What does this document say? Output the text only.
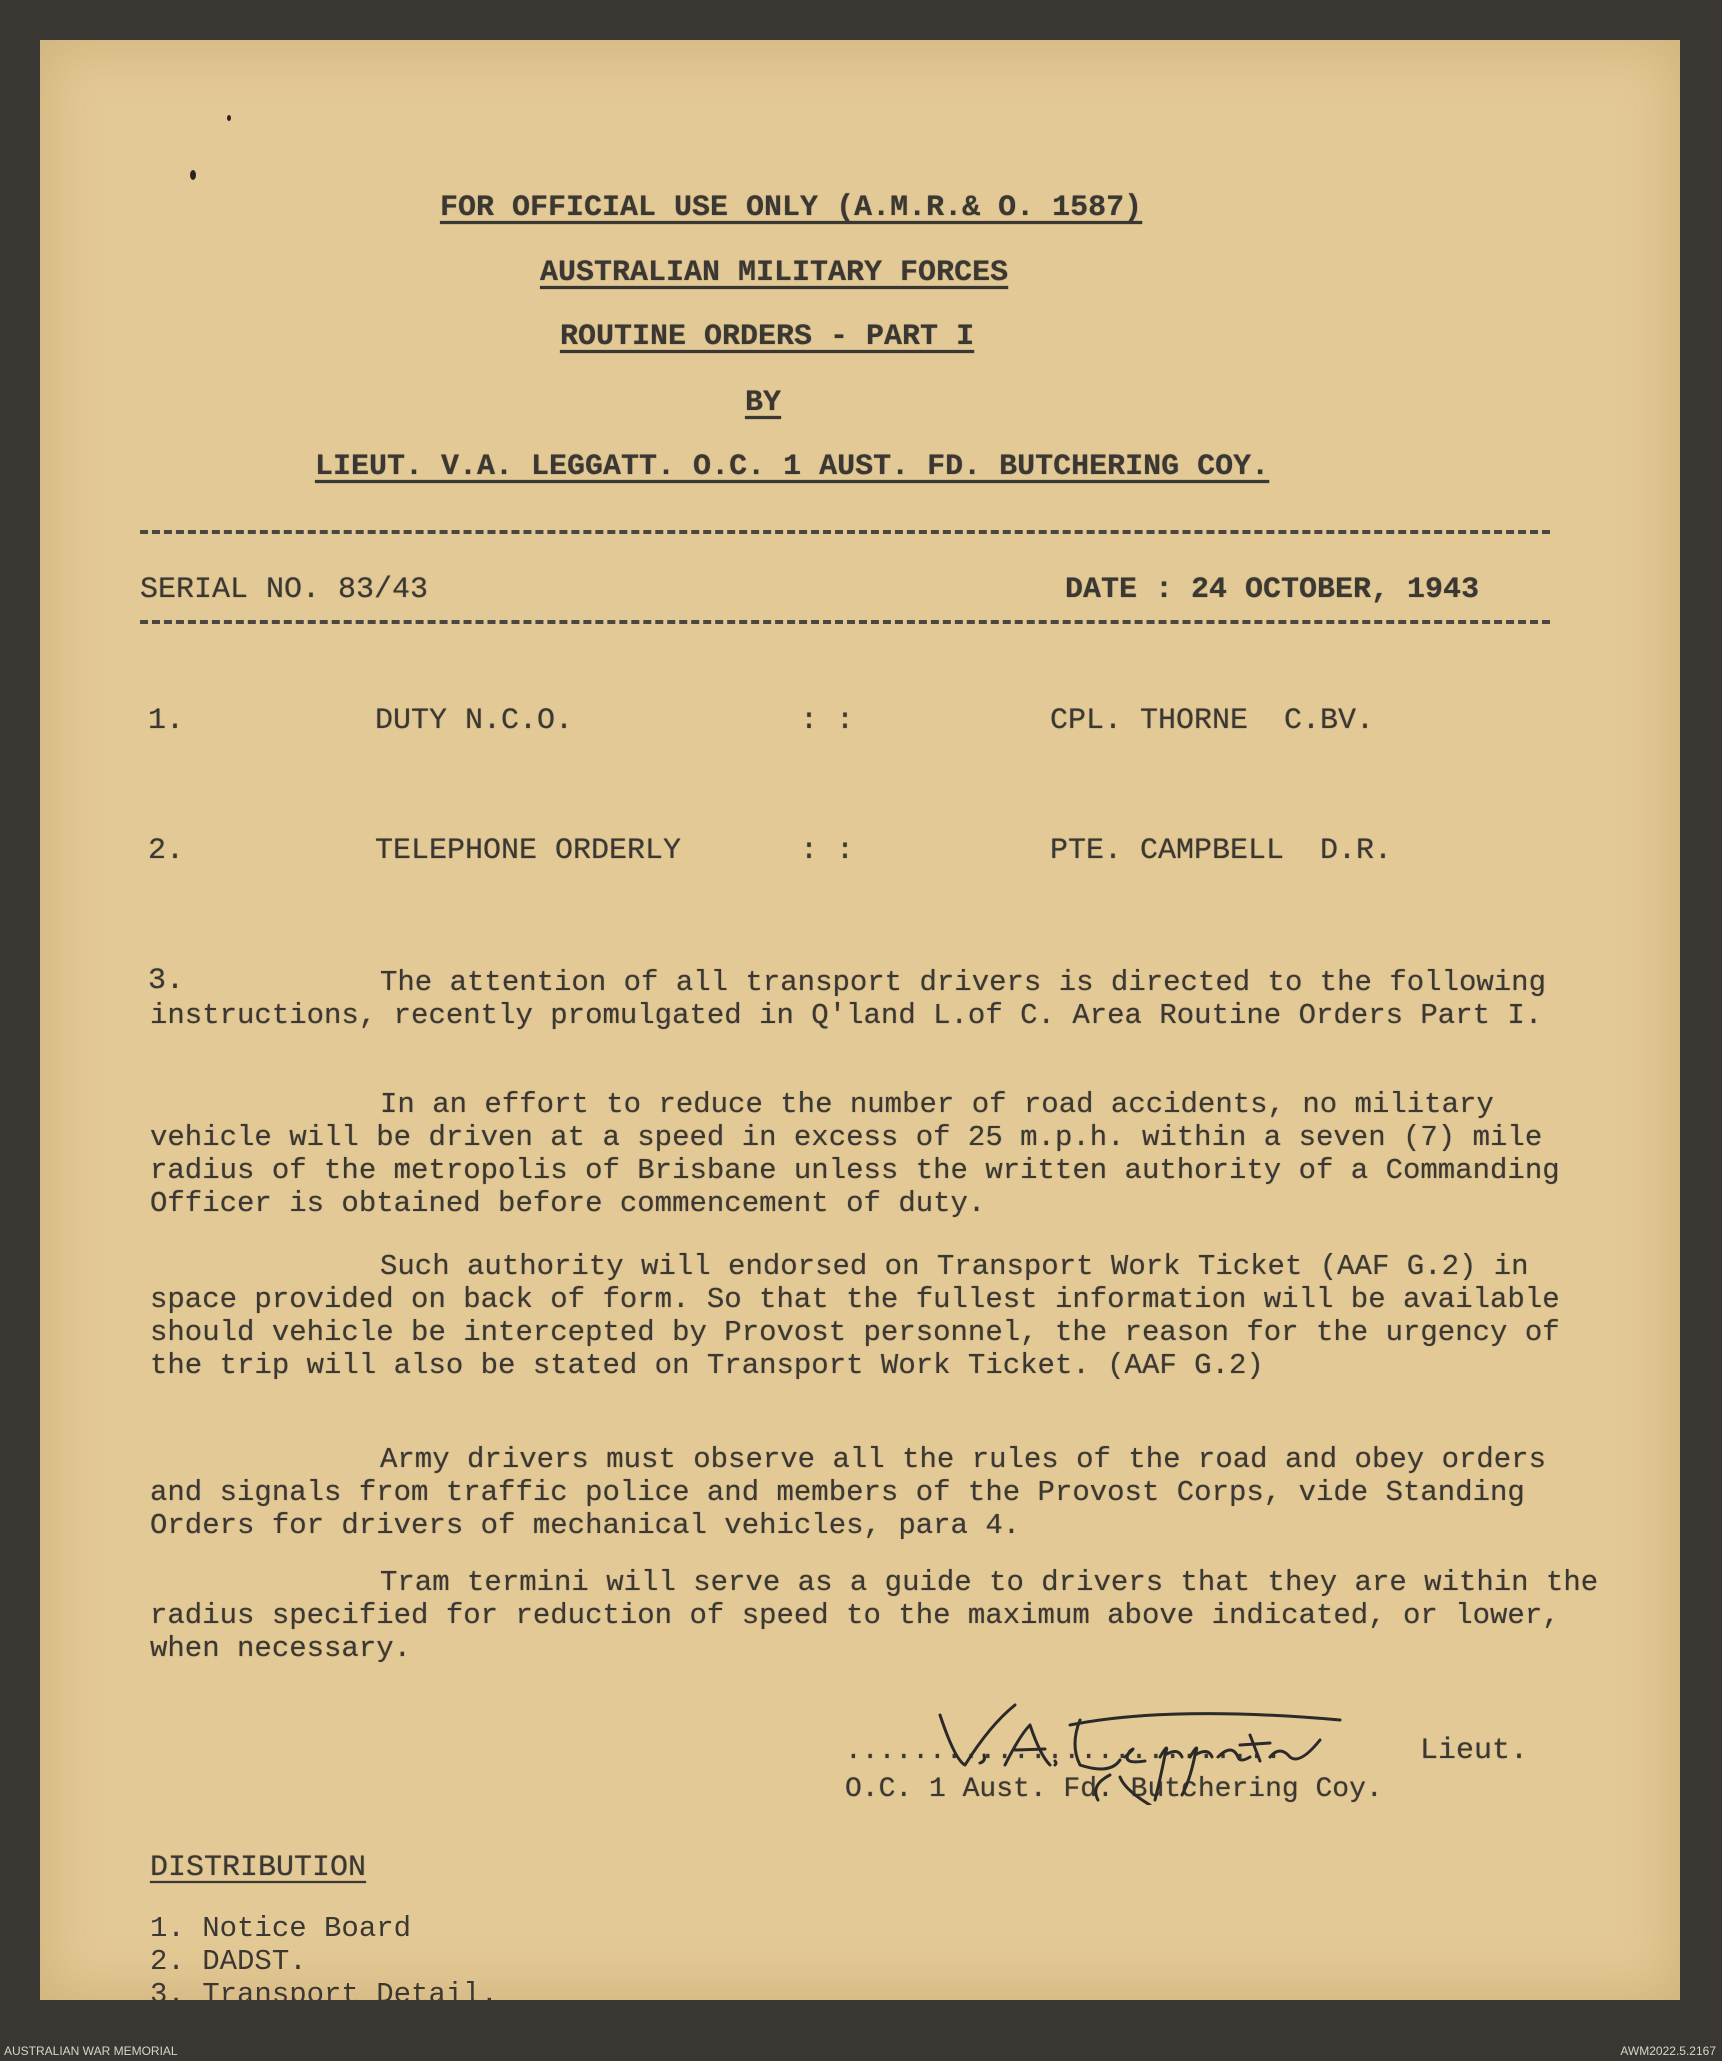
FOR OFFICIAL USE ONLY (A.M.R.& O. 1587)
AUSTRALIAN MILITARY FORCES
ROUTINE ORDERS - PART I
BY
LIEUT. V.A. LEGGATT. O.C. 1 AUST. FD. BUTCHERING COY.
SERIAL NO. 83/43	DATE : 24 OCTOBER, 1943
1.	DUTY N.C.O.	: :	CPL. THORNE  C.BV.
2.	TELEPHONE ORDERLY	: :	PTE. CAMPBELL  D.R.
3.	The attention of all transport drivers is directed to the following instructions, recently promulgated in Q'land L.of C. Area Routine Orders Part I.
In an effort to reduce the number of road accidents, no military vehicle will be driven at a speed in excess of 25 m.p.h. within a seven (7) mile radius of the metropolis of Brisbane unless the written authority of a Commanding Officer is obtained before commencement of duty.
Such authority will endorsed on Transport Work Ticket (AAF G.2) in space provided on back of form. So that the fullest information will be available should vehicle be intercepted by Provost personnel, the reason for the urgency of the trip will also be stated on Transport Work Ticket. (AAF G.2)
Army drivers must observe all the rules of the road and obey orders and signals from traffic police and members of the Provost Corps, vide Standing Orders for drivers of mechanical vehicles, para 4.
Tram termini will serve as a guide to drivers that they are within the radius specified for reduction of speed to the maximum above indicated, or lower, when necessary.
..........................	Lieut.
O.C. 1 Aust. Fd. Butchering Coy.
DISTRIBUTION
1. Notice Board
2. DADST.
3. Transport Detail.
4. War Diary.
AUSTRALIAN WAR MEMORIAL	AWM2022.5.2167
